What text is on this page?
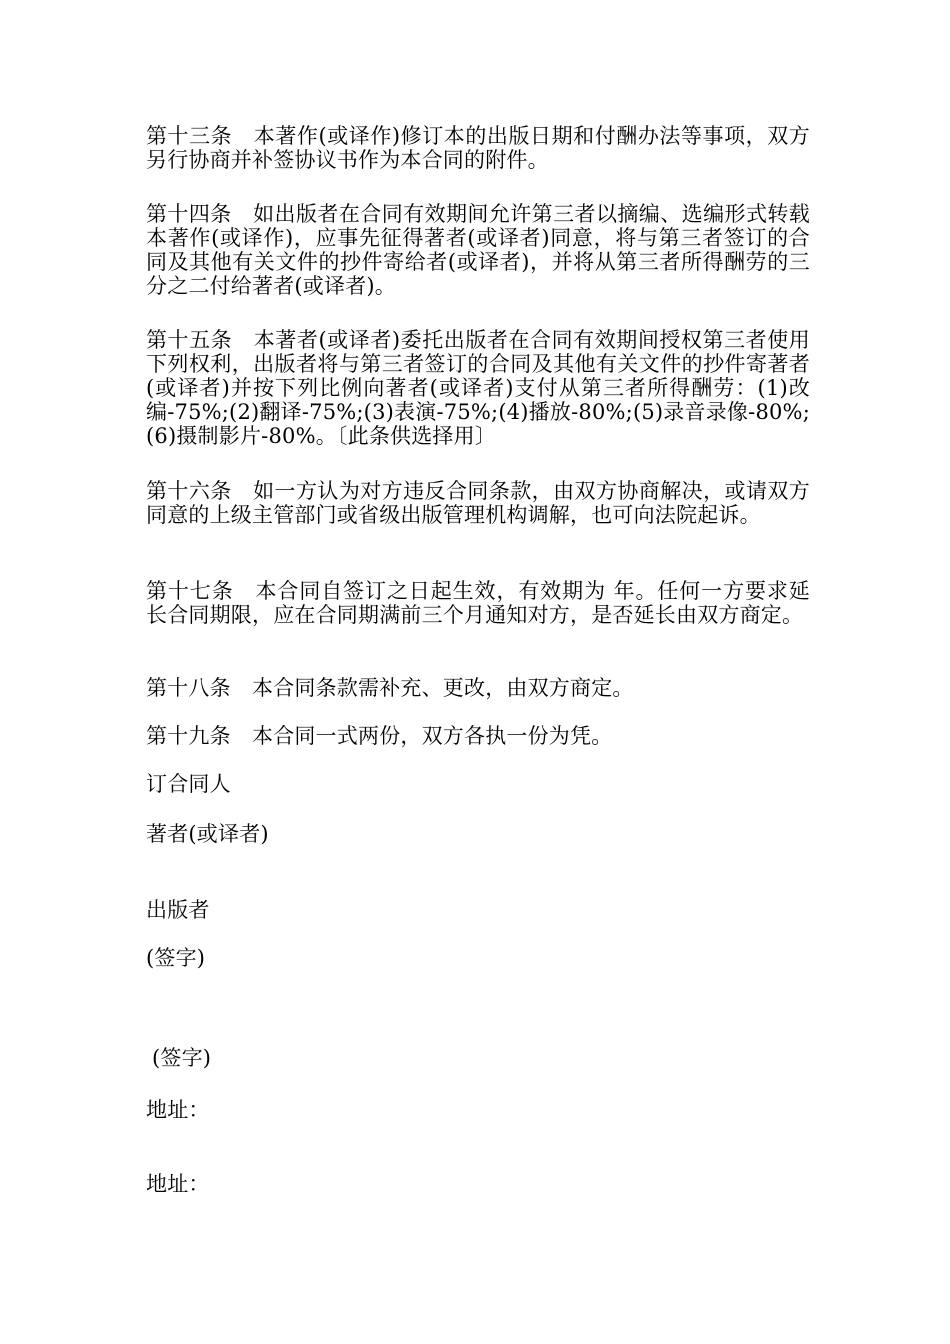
第十三条　本著作(或译作)修订本的出版日期和付酬办法等事项，双方另行协商并补签协议书作为本合同的附件。

第十四条　如出版者在合同有效期间允许第三者以摘编、选编形式转载本著作(或译作)，应事先征得著者(或译者)同意，将与第三者签订的合同及其他有关文件的抄件寄给者(或译者)，并将从第三者所得酬劳的三分之二付给著者(或译者)。

第十五条　本著者(或译者)委托出版者在合同有效期间授权第三者使用下列权利，出版者将与第三者签订的合同及其他有关文件的抄件寄著者(或译者)并按下列比例向著者(或译者)支付从第三者所得酬劳：(1)改编-75%;(2)翻译-75%;(3)表演-75%;(4)播放-80%;(5)录音录像-80%;(6)摄制影片-80%。〔此条供选择用〕

第十六条　如一方认为对方违反合同条款，由双方协商解决，或请双方同意的上级主管部门或省级出版管理机构调解，也可向法院起诉。

第十七条　本合同自签订之日起生效，有效期为 年。任何一方要求延长合同期限，应在合同期满前三个月通知对方，是否延长由双方商定。

第十八条　本合同条款需补充、更改，由双方商定。

第十九条　本合同一式两份，双方各执一份为凭。

订合同人

著者(或译者)

出版者

(签字)

(签字)

地址：

地址：
